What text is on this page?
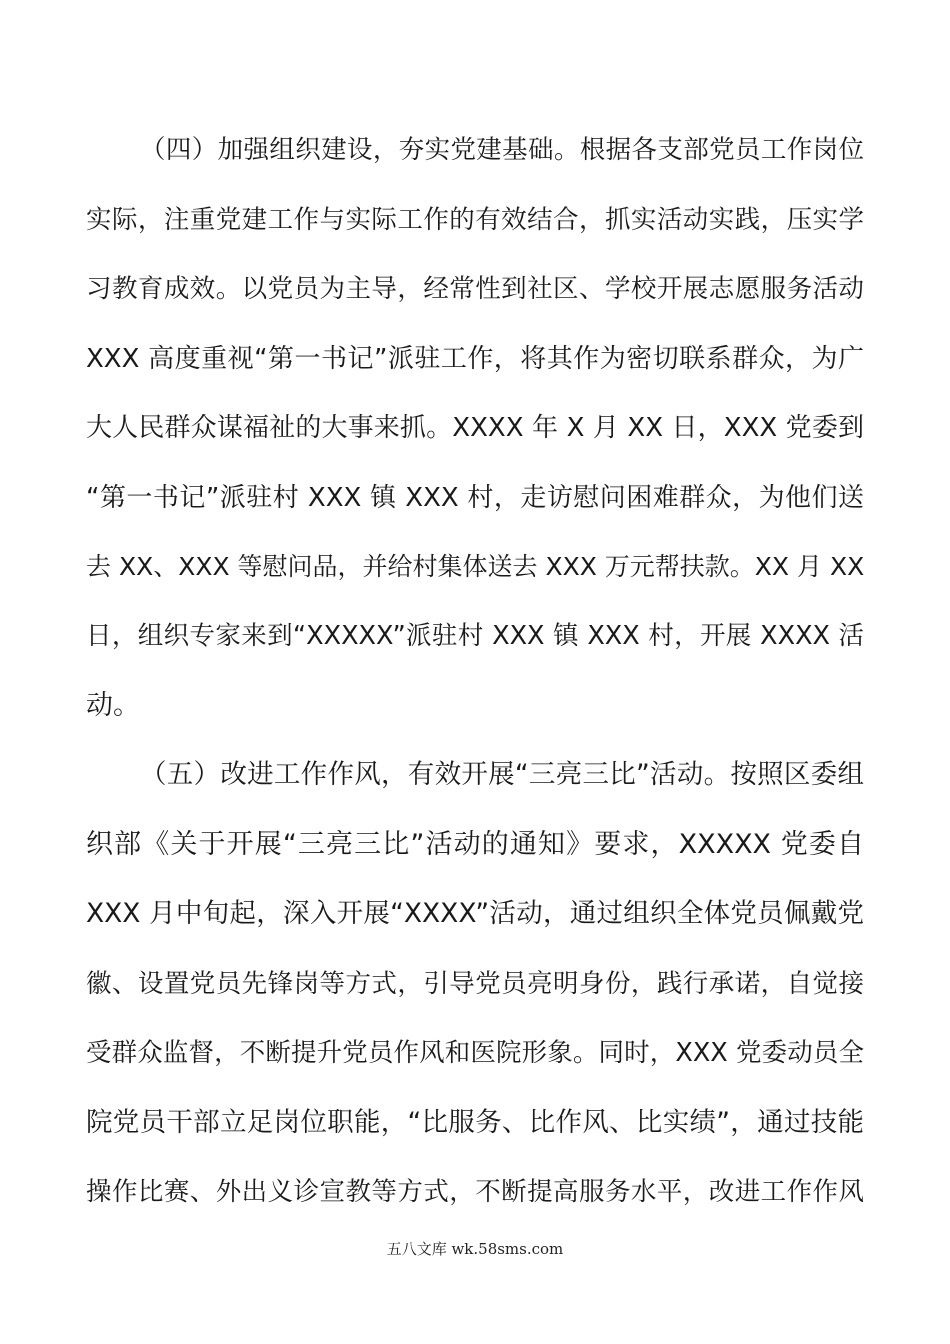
（四）加强组织建设，夯实党建基础。根据各支部党员工作岗位
实际，注重党建工作与实际工作的有效结合，抓实活动实践，压实学
习教育成效。以党员为主导，经常性到社区、学校开展志愿服务活动
XXX 高度重视“第一书记”派驻工作，将其作为密切联系群众，为广
大人民群众谋福祉的大事来抓。XXXX 年 X 月 XX 日，XXX 党委到
“第一书记”派驻村 XXX 镇 XXX 村，走访慰问困难群众，为他们送
去 XX、XXX 等慰问品，并给村集体送去 XXX 万元帮扶款。XX 月 XX
日，组织专家来到“XXXXX”派驻村 XXX 镇 XXX 村，开展 XXXX 活
动。
（五）改进工作作风，有效开展“三亮三比”活动。按照区委组
织部《关于开展“三亮三比”活动的通知》要求，XXXXX 党委自
XXX 月中旬起，深入开展“XXXX”活动，通过组织全体党员佩戴党
徽、设置党员先锋岗等方式，引导党员亮明身份，践行承诺，自觉接
受群众监督，不断提升党员作风和医院形象。同时，XXX 党委动员全
院党员干部立足岗位职能，“比服务、比作风、比实绩”，通过技能
操作比赛、外出义诊宣教等方式，不断提高服务水平，改进工作作风
五八文库 wk.58sms.com
